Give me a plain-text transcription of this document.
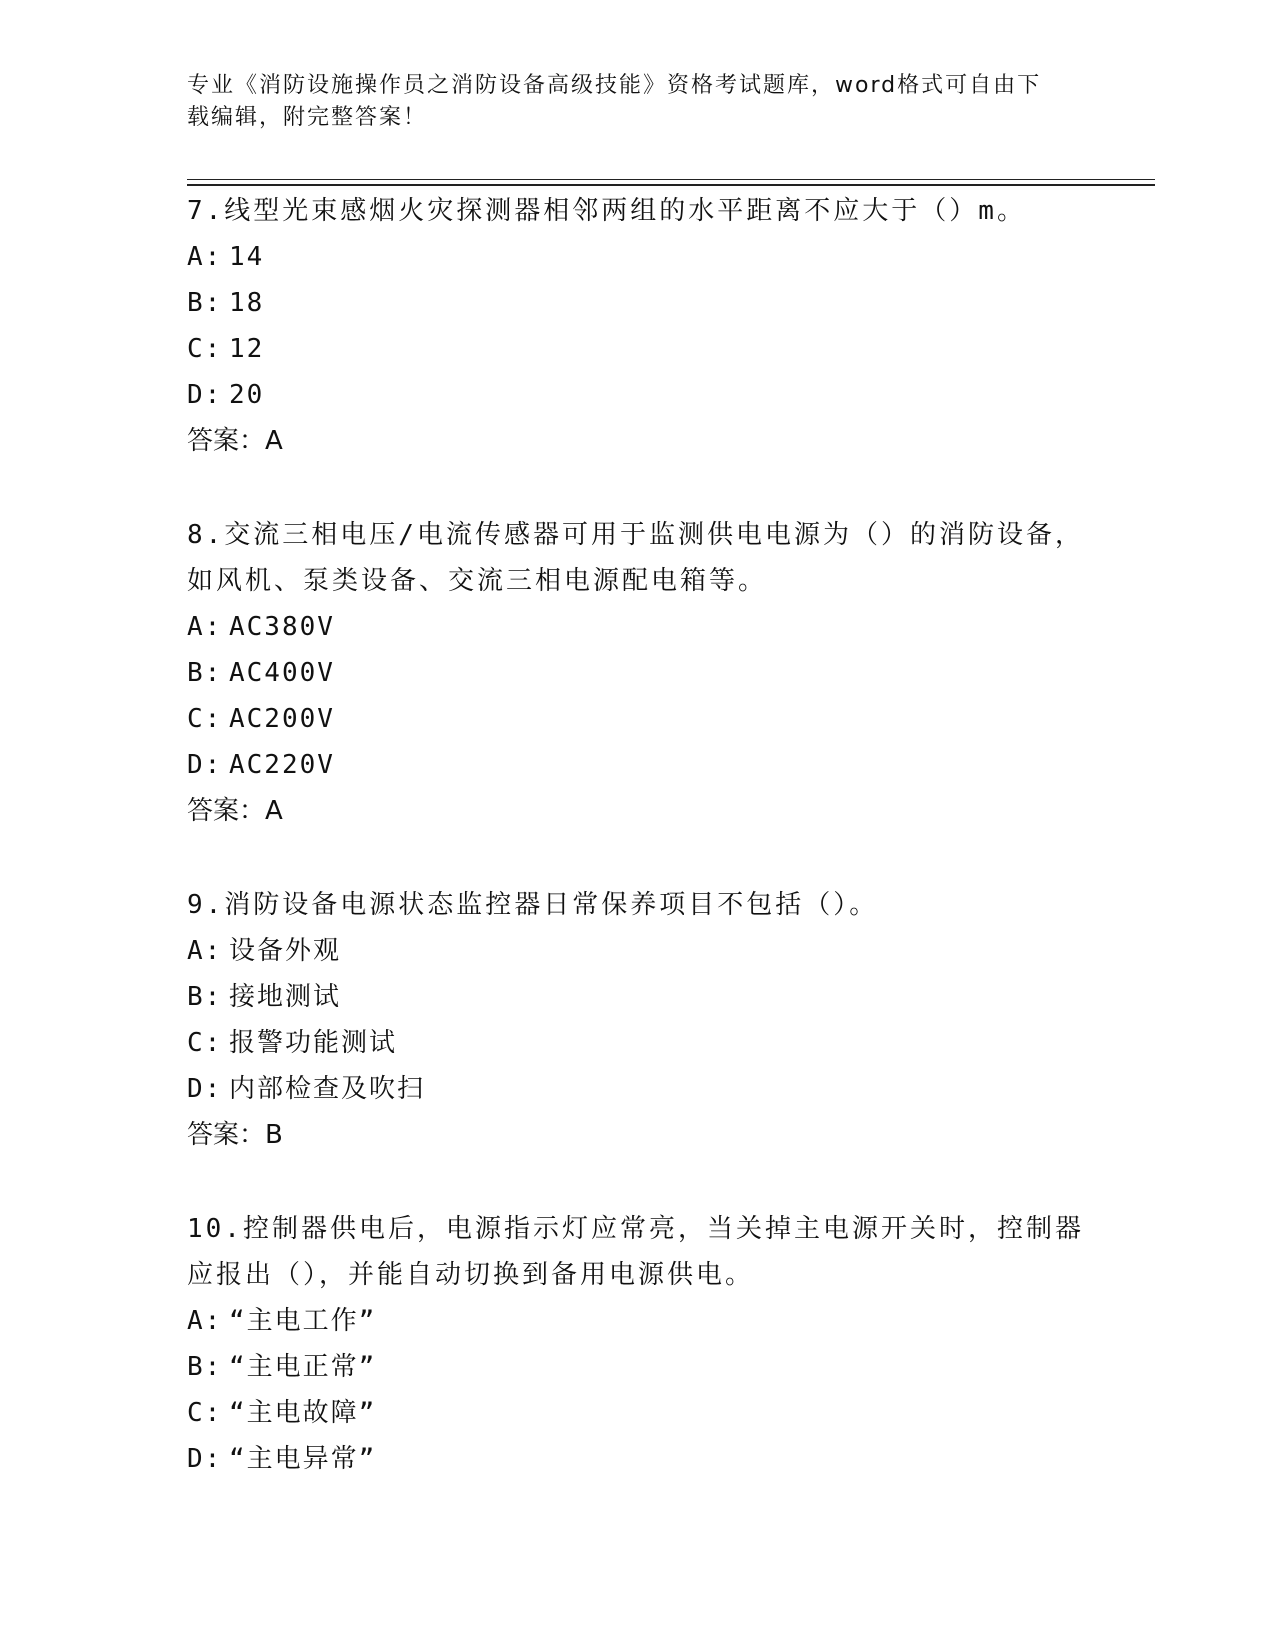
专业《消防设施操作员之消防设备高级技能》资格考试题库，word格式可自由下
载编辑，附完整答案！
7.线型光束感烟火灾探测器相邻两组的水平距离不应大于（）m。
A: 14
B: 18
C: 12
D: 20
答案：A
8.交流三相电压/电流传感器可用于监测供电电源为（）的消防设备，如风机、泵类设备、交流三相电源配电箱等。
A: AC380V
B: AC400V
C: AC200V
D: AC220V
答案：A
9.消防设备电源状态监控器日常保养项目不包括（）。
A: 设备外观
B: 接地测试
C: 报警功能测试
D: 内部检查及吹扫
答案：B
10.控制器供电后，电源指示灯应常亮，当关掉主电源开关时，控制器应报出（），并能自动切换到备用电源供电。
A: “主电工作”
B: “主电正常”
C: “主电故障”
D: “主电异常”
